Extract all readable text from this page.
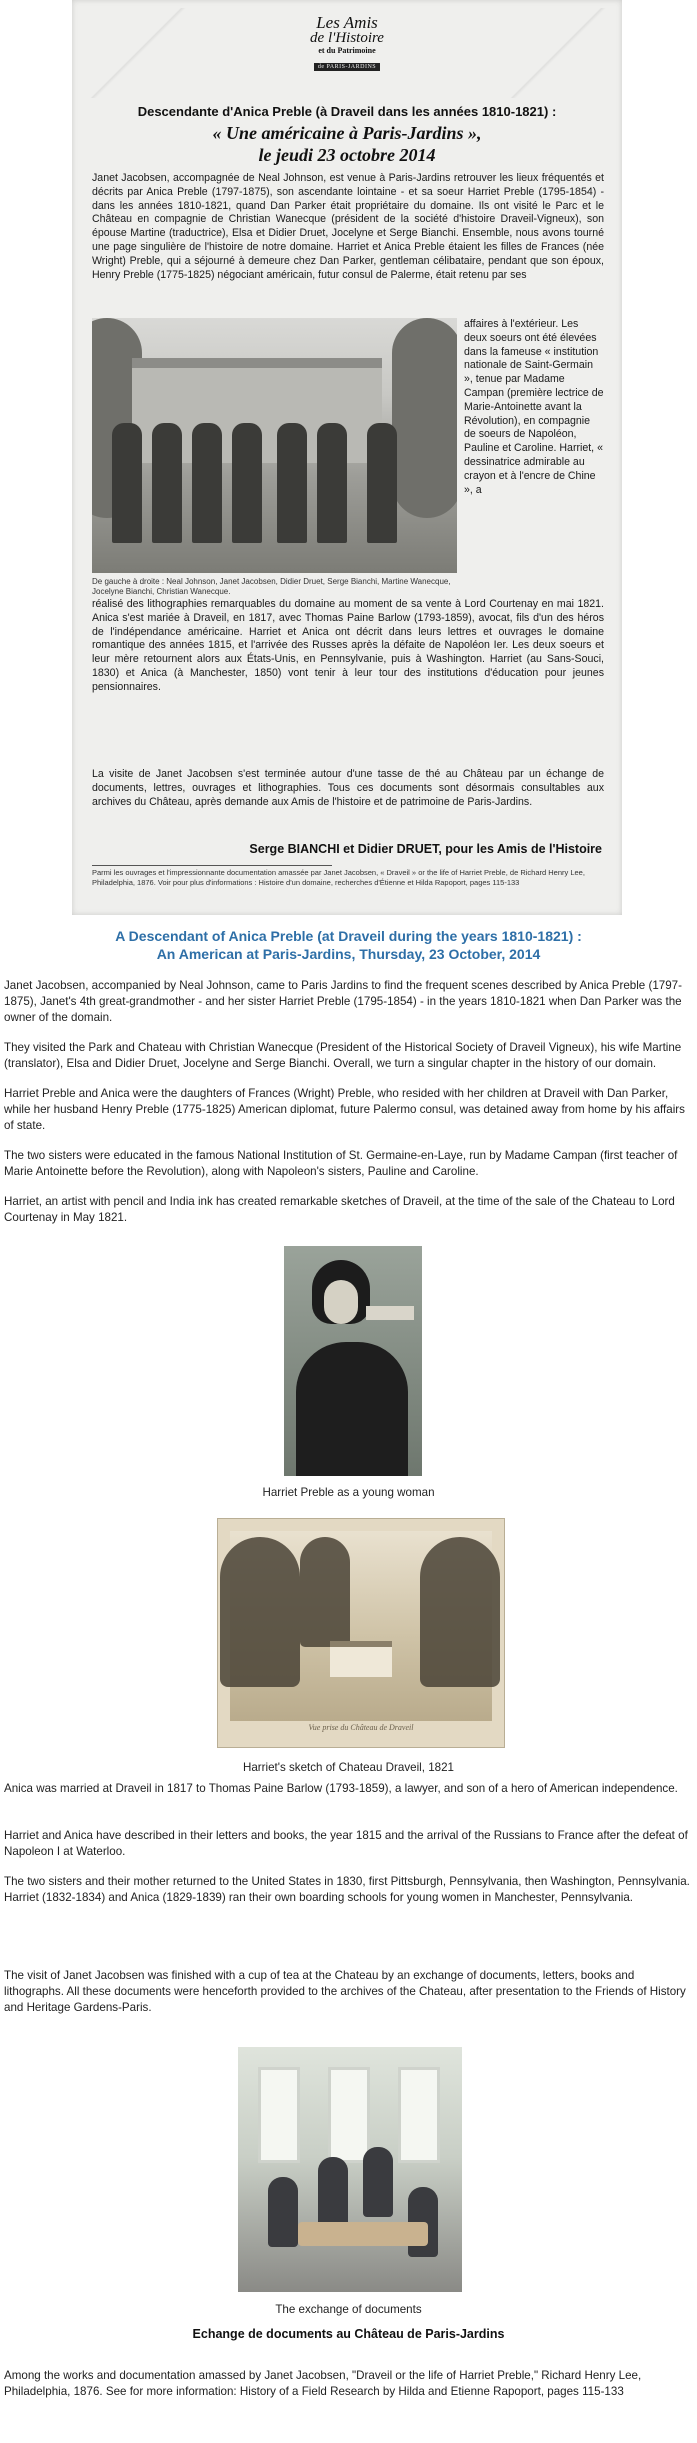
Les Amis
de l'Histoire
et du Patrimoine
de PARIS-JARDINS
Descendante d'Anica Preble (à Draveil dans les années 1810-1821) :
« Une américaine à Paris-Jardins »,
le jeudi 23 octobre 2014

Janet Jacobsen, accompagnée de Neal Johnson, est venue à Paris-Jardins retrouver les lieux fréquentés et décrits par Anica Preble (1797-1875), son ascendante lointaine - et sa soeur Harriet Preble (1795-1854) - dans les années 1810-1821, quand Dan Parker était propriétaire du domaine. Ils ont visité le Parc et le Château en compagnie de Christian Wanecque (président de la société d'histoire Draveil-Vigneux), son épouse Martine (traductrice), Elsa et Didier Druet, Jocelyne et Serge Bianchi. Ensemble, nous avons tourné une page singulière de l'histoire de notre domaine. Harriet et Anica Preble étaient les filles de Frances (née Wright) Preble, qui a séjourné à demeure chez Dan Parker, gentleman célibataire, pendant que son époux, Henry Preble (1775-1825) négociant américain, futur consul de Palerme, était retenu par ses

affaires à l'extérieur. Les deux soeurs ont été élevées dans la fameuse « institution nationale de Saint-Germain », tenue par Madame Campan (première lectrice de Marie-Antoinette avant la Révolution), en compagnie de soeurs de Napoléon, Pauline et Caroline. Harriet, « dessinatrice admirable au crayon et à l'encre de Chine », a

De gauche à droite : Neal Johnson, Janet Jacobsen, Didier Druet, Serge Bianchi, Martine Wanecque, Jocelyne Bianchi, Christian Wanecque.

réalisé des lithographies remarquables du domaine au moment de sa vente à Lord Courtenay en mai 1821. Anica s'est mariée à Draveil, en 1817, avec Thomas Paine Barlow (1793-1859), avocat, fils d'un des héros de l'indépendance américaine. Harriet et Anica ont décrit dans leurs lettres et ouvrages le domaine romantique des années 1815, et l'arrivée des Russes après la défaite de Napoléon Ier. Les deux soeurs et leur mère retournent alors aux États-Unis, en Pennsylvanie, puis à Washington. Harriet (au Sans-Souci, 1830) et Anica (à Manchester, 1850) vont tenir à leur tour des institutions d'éducation pour jeunes pensionnaires.

La visite de Janet Jacobsen s'est terminée autour d'une tasse de thé au Château par un échange de documents, lettres, ouvrages et lithographies. Tous ces documents sont désormais consultables aux archives du Château, après demande aux Amis de l'histoire et de patrimoine de Paris-Jardins.

Serge BIANCHI et Didier DRUET, pour les Amis de l'Histoire

Parmi les ouvrages et l'impressionnante documentation amassée par Janet Jacobsen, « Draveil » or the life of Harriet Preble, de Richard Henry Lee, Philadelphia, 1876. Voir pour plus d'informations : Histoire d'un domaine, recherches d'Étienne et Hilda Rapoport, pages 115-133

A Descendant of Anica Preble (at Draveil during the years 1810-1821) :
An American at Paris-Jardins, Thursday, 23 October, 2014

Janet Jacobsen, accompanied by Neal Johnson, came to Paris Jardins to find the frequent scenes described by Anica Preble (1797-1875), Janet's 4th great-grandmother - and her sister Harriet Preble (1795-1854) - in the years 1810-1821 when Dan Parker was the owner of the domain.

They visited the Park and Chateau with Christian Wanecque (President of the Historical Society of Draveil Vigneux), his wife Martine (translator), Elsa and Didier Druet, Jocelyne and Serge Bianchi. Overall, we turn a singular chapter in the history of our domain.

Harriet Preble and Anica were the daughters of Frances (Wright) Preble, who resided with her children at Draveil with Dan Parker, while her husband Henry Preble (1775-1825) American diplomat, future Palermo consul, was detained away from home by his affairs of state.

The two sisters were educated in the famous National Institution of St. Germaine-en-Laye, run by Madame Campan (first teacher of Marie Antoinette before the Revolution), along with Napoleon's sisters, Pauline and Caroline.

Harriet, an artist with pencil and India ink has created remarkable sketches of Draveil, at the time of the sale of the Chateau to Lord Courtenay in May 1821.

Harriet Preble as a young woman
Vue prise du Château de Draveil
Harriet's sketch of Chateau Draveil, 1821

Anica was married at Draveil in 1817 to Thomas Paine Barlow (1793-1859), a lawyer, and son of a hero of American independence.

Harriet and Anica have described in their letters and books, the year 1815 and the arrival of the Russians to France after the defeat of Napoleon I at Waterloo.

The two sisters and their mother returned to the United States in 1830, first Pittsburgh, Pennsylvania, then Washington, Pennsylvania. Harriet (1832-1834) and Anica (1829-1839) ran their own boarding schools for young women in Manchester, Pennsylvania.

The visit of Janet Jacobsen was finished with a cup of tea at the Chateau by an exchange of documents, letters, books and lithographs. All these documents were henceforth provided to the archives of the Chateau, after presentation to the Friends of History and Heritage Gardens-Paris.

The exchange of documents
Echange de documents au Château de Paris-Jardins

Among the works and documentation amassed by Janet Jacobsen, "Draveil or the life of Harriet Preble," Richard Henry Lee, Philadelphia, 1876. See for more information: History of a Field Research by Hilda and Etienne Rapoport, pages 115-133
